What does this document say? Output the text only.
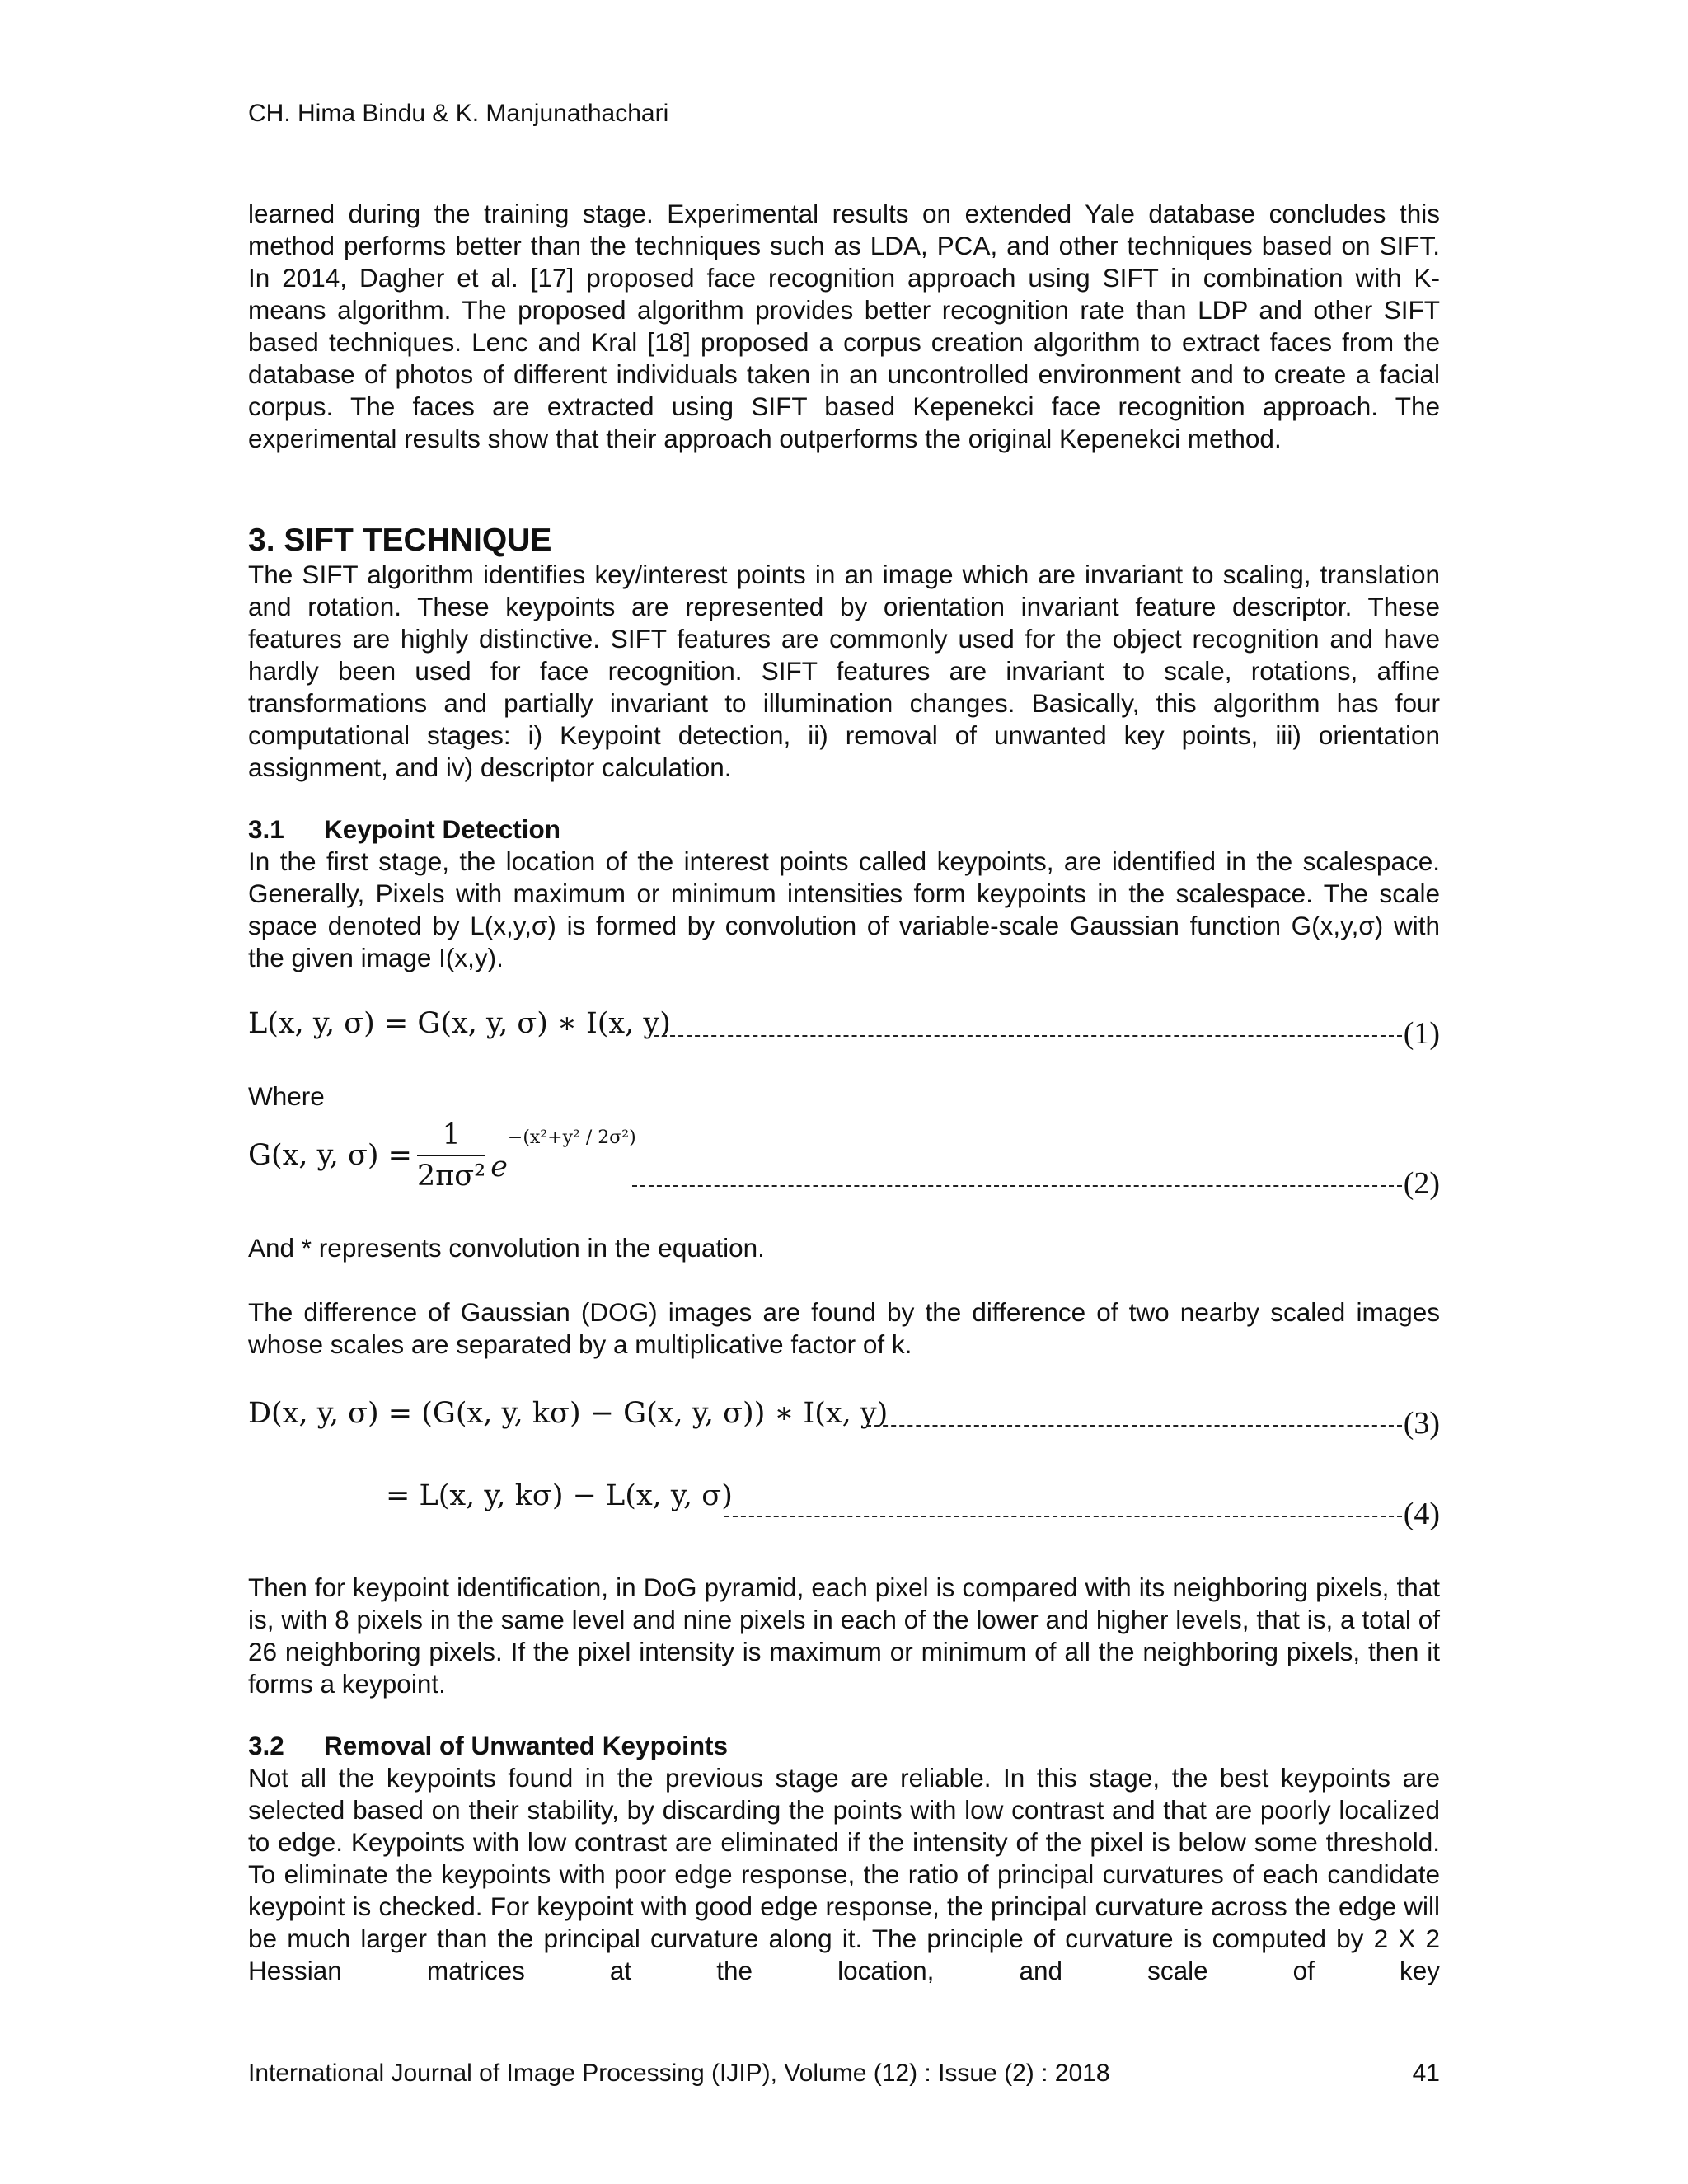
CH. Hima Bindu & K. Manjunathachari

learned during the training stage. Experimental results on extended Yale database concludes this method performs better than the techniques such as LDA, PCA, and other techniques based on SIFT. In 2014, Dagher et al. [17] proposed face recognition approach using SIFT in combination with K-means algorithm. The proposed algorithm provides better recognition rate than LDP and other SIFT based techniques. Lenc and Kral [18] proposed a corpus creation algorithm to extract faces from the database of photos of different individuals taken in an uncontrolled environment and to create a facial corpus. The faces are extracted using SIFT based Kepenekci face recognition approach. The experimental results show that their approach outperforms the original Kepenekci method.

3. SIFT TECHNIQUE

The SIFT algorithm identifies key/interest points in an image which are invariant to scaling, translation and rotation. These keypoints are represented by orientation invariant feature descriptor. These features are highly distinctive. SIFT features are commonly used for the object recognition and have hardly been used for face recognition. SIFT features are invariant to scale, rotations, affine transformations and partially invariant to illumination changes. Basically, this algorithm has four computational stages: i) Keypoint detection, ii) removal of unwanted key points, iii) orientation assignment, and iv) descriptor calculation.

3.1 Keypoint Detection

In the first stage, the location of the interest points called keypoints, are identified in the scalespace. Generally, Pixels with maximum or minimum intensities form keypoints in the scalespace. The scale space denoted by L(x,y,σ) is formed by convolution of variable-scale Gaussian function G(x,y,σ) with the given image I(x,y).

L(x, y, σ) = G(x, y, σ) ∗ I(x, y)	(1)

Where

G(x, y, $\sigma) = \frac{1}{\text{2πσ²}}$ e
−(x²+y² / 2σ²)
(2)

And * represents convolution in the equation.

The difference of Gaussian (DOG) images are found by the difference of two nearby scaled images whose scales are separated by a multiplicative factor of k.

D(x, y, σ) = (G(x, y, kσ) − G(x, y, σ)) ∗ I(x, y)	(3)
= L(x, y, kσ) − L(x, y, σ)
(4)

Then for keypoint identification, in DoG pyramid, each pixel is compared with its neighboring pixels, that is, with 8 pixels in the same level and nine pixels in each of the lower and higher levels, that is, a total of 26 neighboring pixels. If the pixel intensity is maximum or minimum of all the neighboring pixels, then it forms a keypoint.

3.2 Removal of Unwanted Keypoints

Not all the keypoints found in the previous stage are reliable. In this stage, the best keypoints are selected based on their stability, by discarding the points with low contrast and that are poorly localized to edge. Keypoints with low contrast are eliminated if the intensity of the pixel is below some threshold. To eliminate the keypoints with poor edge response, the ratio of principal curvatures of each candidate keypoint is checked. For keypoint with good edge response, the principal curvature across the edge will be much larger than the principal curvature along it. The principle of curvature is computed by 2 X 2 Hessian matrices at the location, and scale of key

International Journal of Image Processing (IJIP), Volume (12) : Issue (2) : 2018	41
